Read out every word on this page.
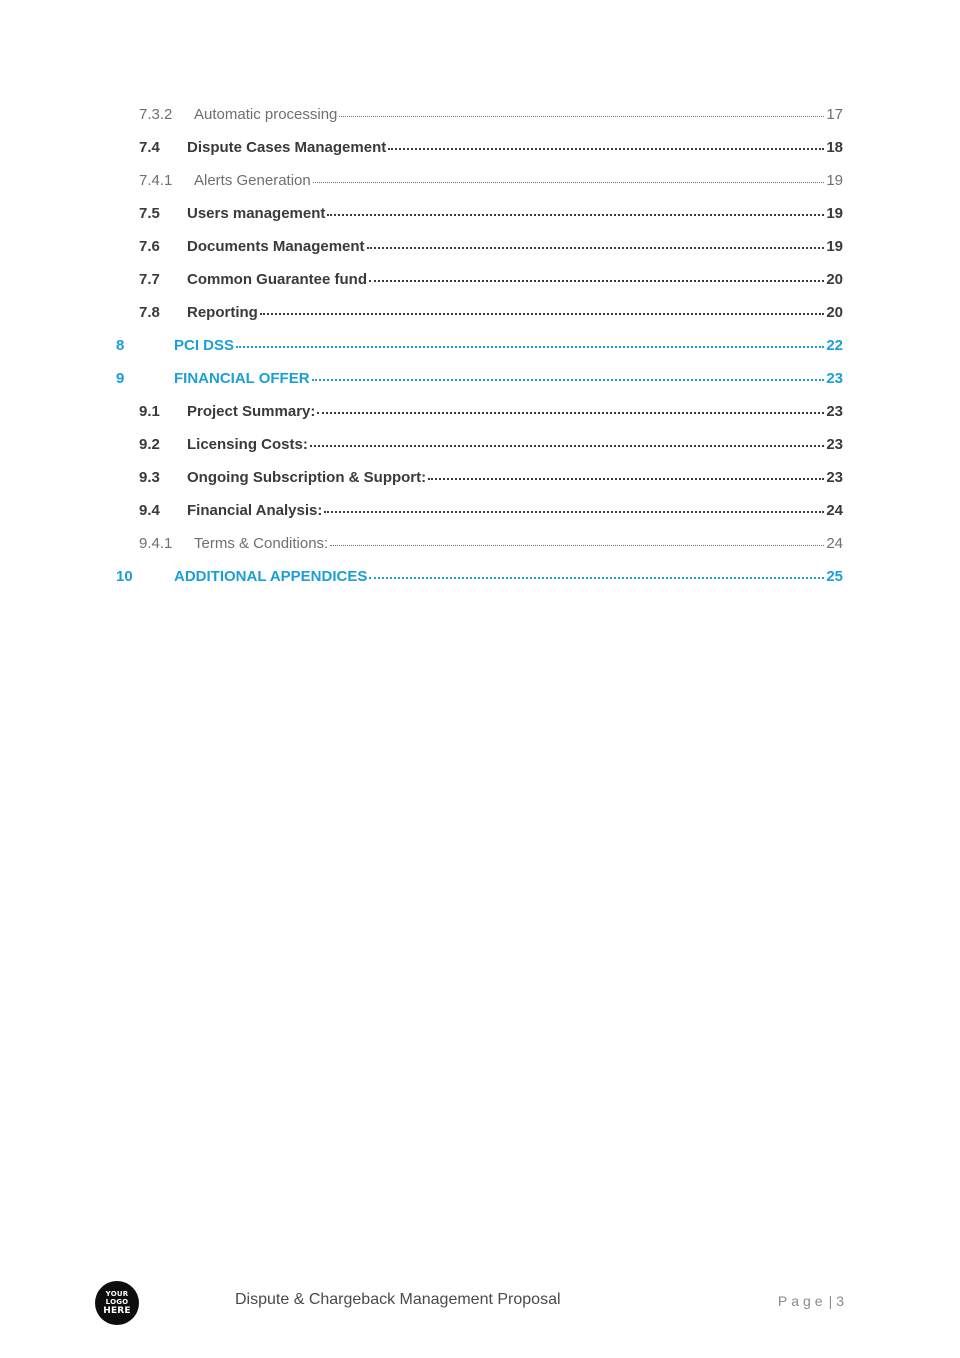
7.3.2	Automatic processing	17
7.4	Dispute Cases Management	18
7.4.1	Alerts Generation	19
7.5	Users management	19
7.6	Documents Management	19
7.7	Common Guarantee fund	20
7.8	Reporting	20
8	PCI DSS	22
9	FINANCIAL OFFER	23
9.1	Project Summary:	23
9.2	Licensing Costs:	23
9.3	Ongoing Subscription & Support:	23
9.4	Financial Analysis:	24
9.4.1	Terms & Conditions:	24
10	ADDITIONAL APPENDICES	25
YOUR
LOGO
HERE
Dispute & Chargeback Management Proposal	Page | 3
